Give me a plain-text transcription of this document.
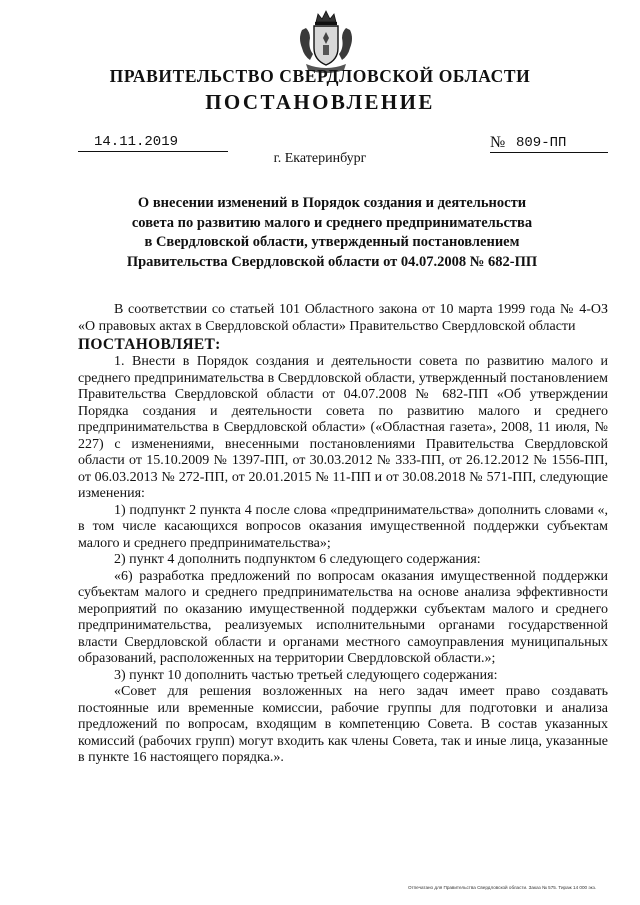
ПРАВИТЕЛЬСТВО СВЕРДЛОВСКОЙ ОБЛАСТИ
ПОСТАНОВЛЕНИЕ
14.11.2019	№ 809-ПП
г. Екатеринбург
О внесении изменений в Порядок создания и деятельности
совета по развитию малого и среднего предпринимательства
в Свердловской области, утвержденный постановлением
Правительства Свердловской области от 04.07.2008 № 682-ПП

В соответствии со статьей 101 Областного закона от 10 марта 1999 года № 4-ОЗ «О правовых актах в Свердловской области» Правительство Свердловской области

ПОСТАНОВЛЯЕТ:

1. Внести в Порядок создания и деятельности совета по развитию малого и среднего предпринимательства в Свердловской области, утвержденный постановлением Правительства Свердловской области от 04.07.2008 № 682-ПП «Об утверждении Порядка создания и деятельности совета по развитию малого и среднего предпринимательства в Свердловской области» («Областная газета», 2008, 11 июля, № 227) с изменениями, внесенными постановлениями Правительства Свердловской области от 15.10.2009 № 1397-ПП, от 30.03.2012 № 333-ПП, от 26.12.2012 № 1556-ПП, от 06.03.2013 № 272-ПП, от 20.01.2015 № 11-ПП и от 30.08.2018 № 571-ПП, следующие изменения:

1) подпункт 2 пункта 4 после слова «предпринимательства» дополнить словами «, в том числе касающихся вопросов оказания имущественной поддержки субъектам малого и среднего предпринимательства»;

2) пункт 4 дополнить подпунктом 6 следующего содержания:

«6) разработка предложений по вопросам оказания имущественной поддержки субъектам малого и среднего предпринимательства на основе анализа эффективности мероприятий по оказанию имущественной поддержки субъектам малого и среднего предпринимательства, реализуемых исполнительными органами государственной власти Свердловской области и органами местного самоуправления муниципальных образований, расположенных на территории Свердловской области.»;

3) пункт 10 дополнить частью третьей следующего содержания:

«Совет для решения возложенных на него задач имеет право создавать постоянные или временные комиссии, рабочие группы для подготовки и анализа предложений по вопросам, входящим в компетенцию Совета. В состав указанных комиссий (рабочих групп) могут входить как члены Совета, так и иные лица, указанные в пункте 16 настоящего порядка.».

Отпечатано для Правительства Свердловской области. Заказ № 575. Тираж 14 000 экз.
